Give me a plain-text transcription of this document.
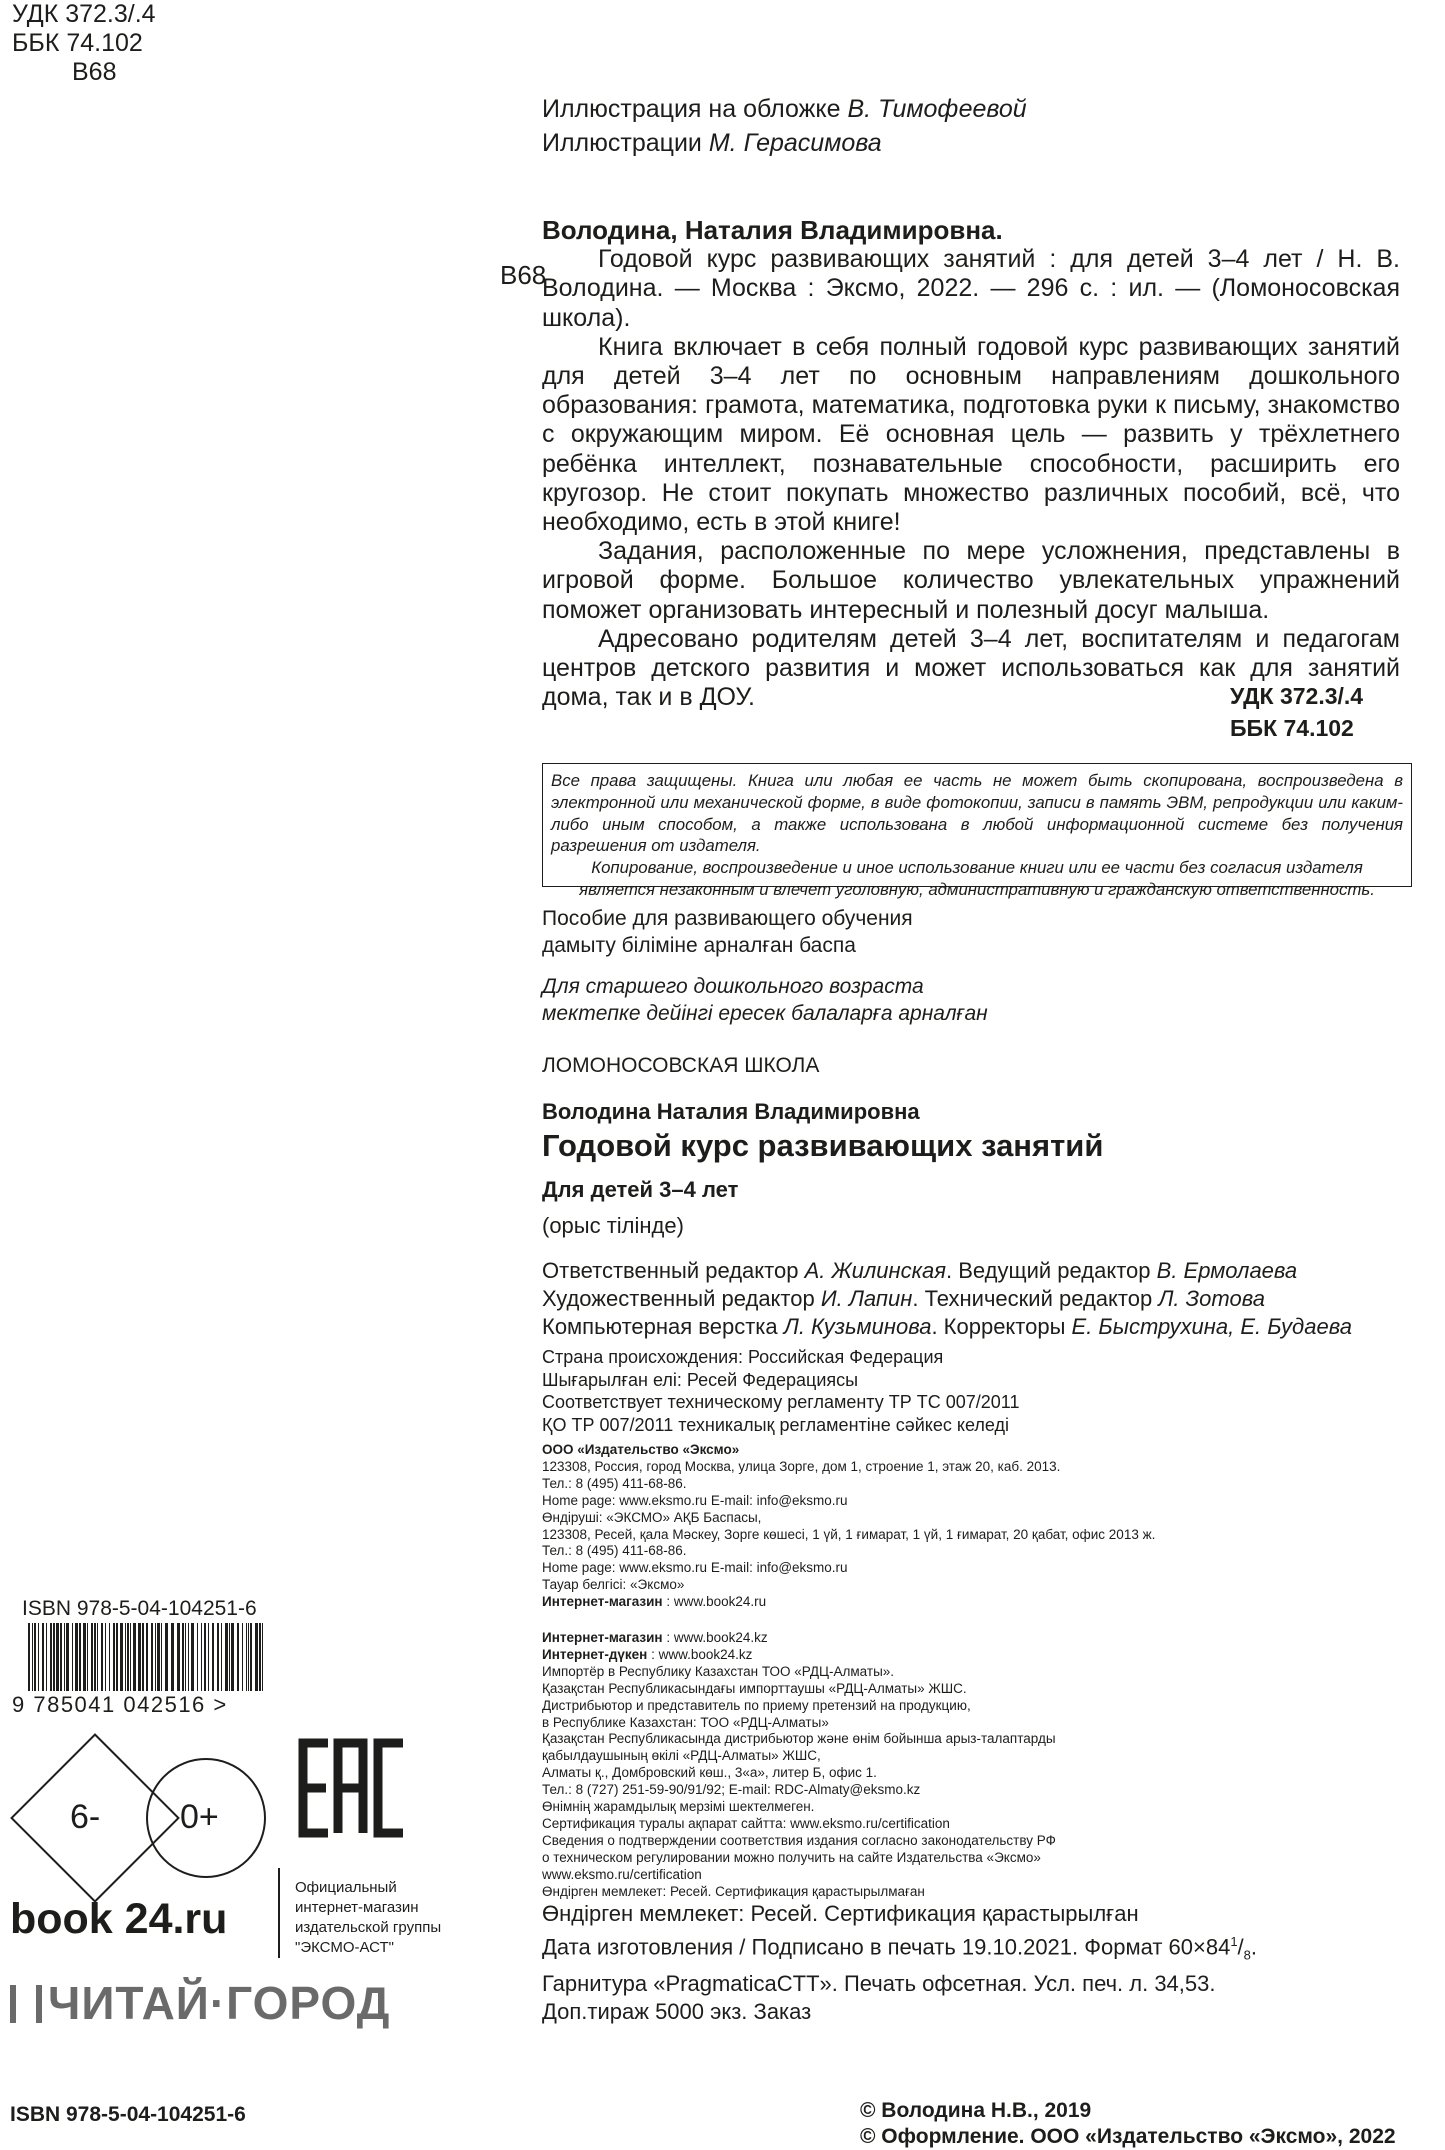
УДК 372.3/.4
ББК 74.102
В68
Иллюстрация на обложке В. Тимофеевой
Иллюстрации М. Герасимова
В68

Володина, Наталия Владимировна.

Годовой курс развивающих занятий : для детей 3–4 лет / Н. В. Володина. — Москва : Эксмо, 2022. — 296 с. : ил. — (Ломоносовская школа).

Книга включает в себя полный годовой курс развивающих занятий для детей 3–4 лет по основным направлениям дошкольного образования: грамота, математика, подготовка руки к письму, знакомство с окружающим миром. Её основная цель — развить у трёхлетнего ребёнка интеллект, познавательные способности, расширить его кругозор. Не стоит покупать множество различных пособий, всё, что необходимо, есть в этой книге!

Задания, расположенные по мере усложнения, представлены в игровой форме. Большое количество увлекательных упражнений поможет организовать интересный и полезный досуг малыша.

Адресовано родителям детей 3–4 лет, воспитателям и педагогам центров детского развития и может использоваться как для занятий дома, так и в ДОУ.	УДК 372.3/.4
ББК 74.102
Все права защищены. Книга или любая ее часть не может быть скопирована, воспроизведена в электронной или механической форме, в виде фотокопии, записи в память ЭВМ, репродукции или каким-либо иным способом, а также использована в любой информационной системе без получения разрешения от издателя.
Копирование, воспроизведение и иное использование книги или ее части без согласия издателя является незаконным и влечет уголовную, административную и гражданскую ответственность.
Пособие для развивающего обучения
дамыту біліміне арналған баспа
Для старшего дошкольного возраста
мектепке дейінгі ересек балаларға арналған
ЛОМОНОСОВСКАЯ ШКОЛА
Володина Наталия Владимировна
Годовой курс развивающих занятий
Для детей 3–4 лет
(орыс тілінде)
Ответственный редактор А. Жилинская. Ведущий редактор В. Ермолаева
Художественный редактор И. Лапин. Технический редактор Л. Зотова
Компьютерная верстка Л. Кузьминова. Корректоры Е. Быструхина, Е. Будаева
Страна происхождения: Российская Федерация
Шығарылған елі: Ресей Федерациясы
Соответствует техническому регламенту ТР ТС 007/2011
ҚО ТР 007/2011 техникалық регламентіне сәйкес келеді
ООО «Издательство «Эксмо»
123308, Россия, город Москва, улица Зорге, дом 1, строение 1, этаж 20, каб. 2013.
Тел.: 8 (495) 411-68-86.
Home page: www.eksmo.ru E-mail: info@eksmo.ru
Өндіруші: «ЭКСМО» АҚБ Баспасы,
123308, Ресей, қала Мәскеу, Зорге көшесі, 1 үй, 1 ғимарат, 1 үй, 1 ғимарат, 20 қабат, офис 2013 ж.
Тел.: 8 (495) 411-68-86.
Home page: www.eksmo.ru E-mail: info@eksmo.ru
Тауар белгісі: «Эксмо»
Интернет-магазин : www.book24.ru
Интернет-магазин : www.book24.kz
Интернет-дүкен : www.book24.kz
Импортёр в Республику Казахстан ТОО «РДЦ-Алматы».
Қазақстан Республикасындағы импорттаушы «РДЦ-Алматы» ЖШС.
Дистрибьютор и представитель по приему претензий на продукцию,
в Республике Казахстан: ТОО «РДЦ-Алматы»
Қазақстан Республикасында дистрибьютор және өнім бойынша арыз-талаптарды
қабылдаушының өкілі «РДЦ-Алматы» ЖШС,
Алматы қ., Домбровский көш., 3«а», литер Б, офис 1.
Тел.: 8 (727) 251-59-90/91/92; E-mail: RDC-Almaty@eksmo.kz
Өнімнің жарамдылық мерзімі шектелмеген.
Сертификация туралы ақпарат сайтта: www.eksmo.ru/certification
Сведения о подтверждении соответствия издания согласно законодательству РФ
о техническом регулировании можно получить на сайте Издательства «Эксмо»
www.eksmo.ru/certification
Өндірген мемлекет: Ресей. Сертификация қарастырылмаған
Өндірген мемлекет: Ресей. Сертификация қарастырылған
Дата изготовления / Подписано в печать 19.10.2021. Формат $60\times 84^1/_8$.
Гарнитура «PragmaticaCTT». Печать офсетная. Усл. печ. л. 34,53.
Доп.тираж 5000 экз. Заказ
ISBN 978-5-04-104251-6
9 785041 042516 >
6- 0+
Официальный
интернет-магазин
издательской группы
"ЭКСМО-АСТ"
book 24.ru
ЧИТАЙ·ГОРОД
ISBN 978-5-04-104251-6	© Володина Н.В., 2019
© Оформление. ООО «Издательство «Эксмо», 2022
